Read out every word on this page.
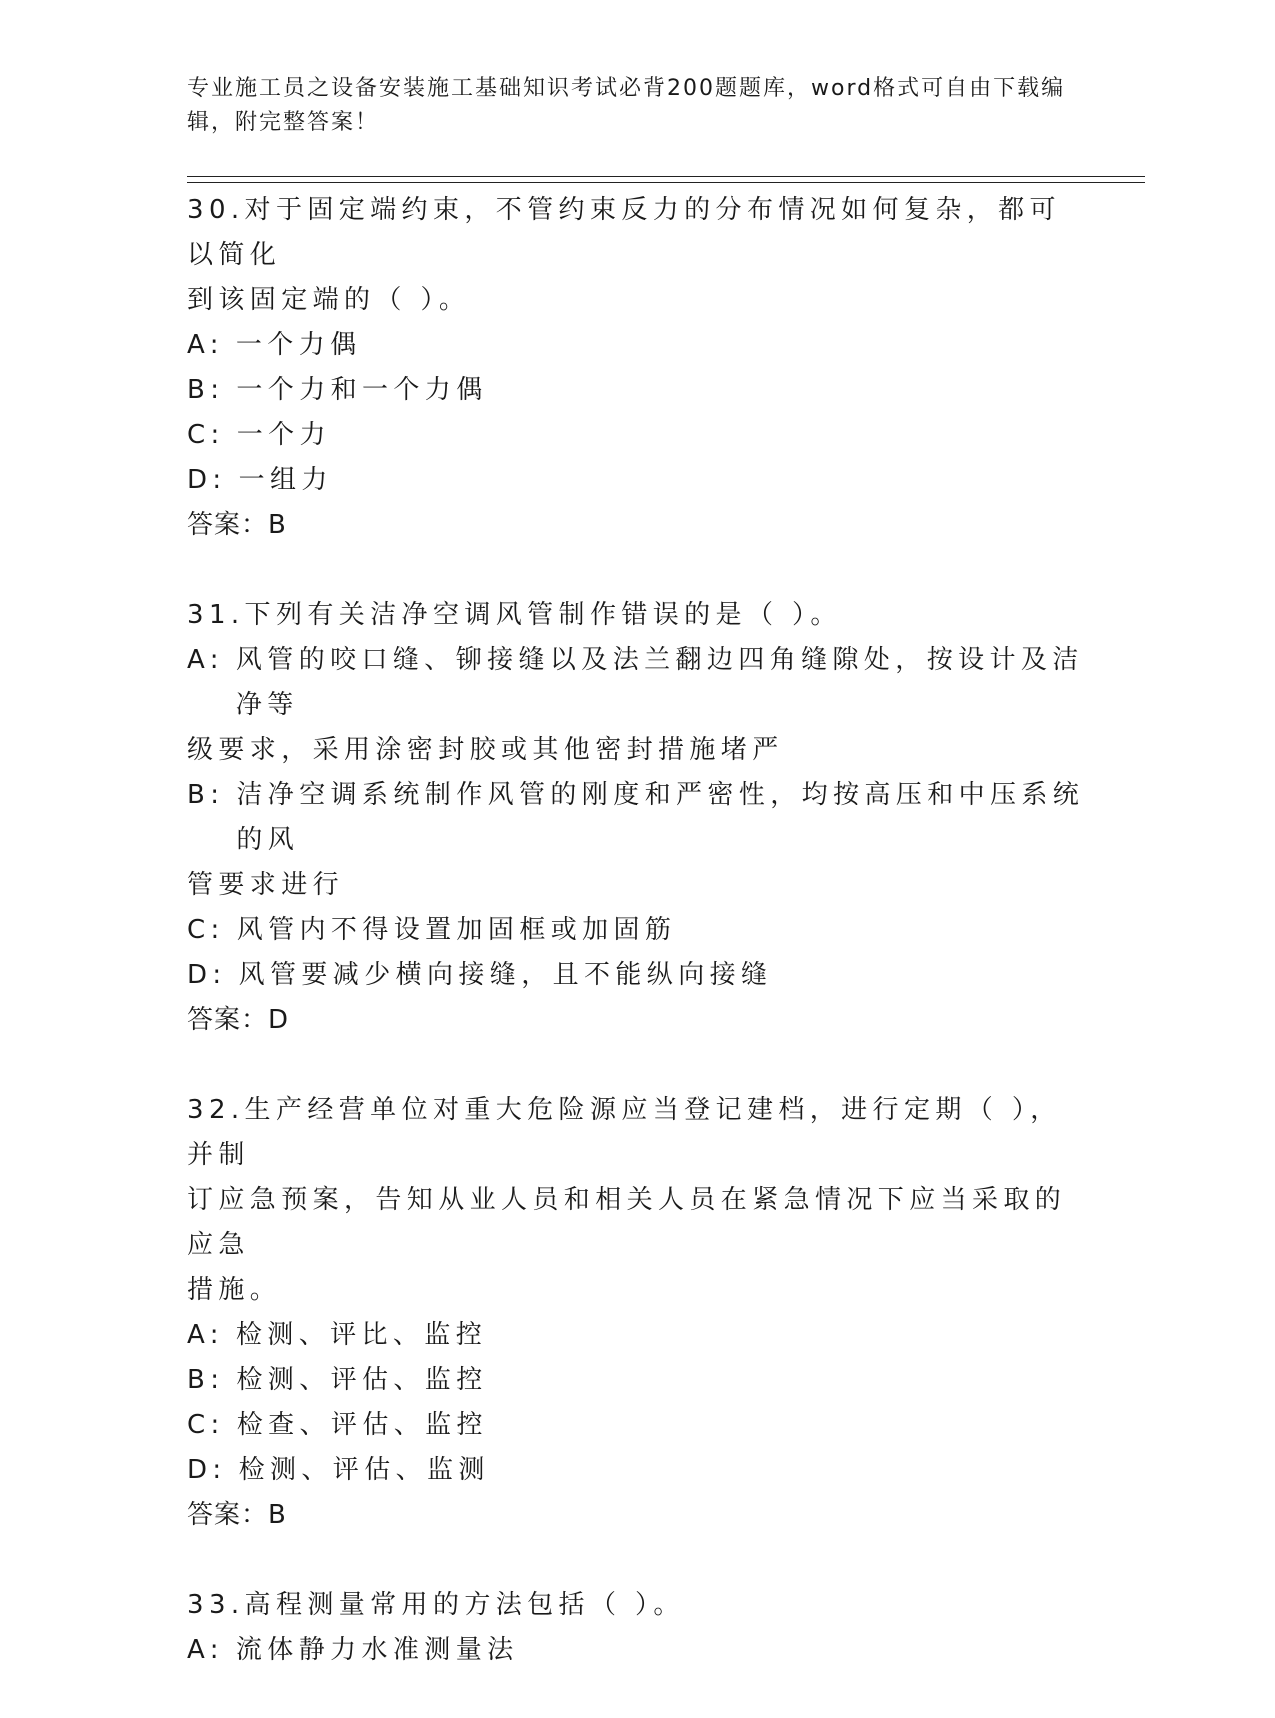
专业施工员之设备安装施工基础知识考试必背200题题库，word格式可自由下载编辑，附完整答案！
30.对于固定端约束，不管约束反力的分布情况如何复杂，都可以简化
到该固定端的（ ）。
A: 一个力偶
B: 一个力和一个力偶
C: 一个力
D: 一组力
答案：B
31.下列有关洁净空调风管制作错误的是（ ）。
A: 风管的咬口缝、铆接缝以及法兰翻边四角缝隙处，按设计及洁净等
级要求，采用涂密封胶或其他密封措施堵严
B: 洁净空调系统制作风管的刚度和严密性，均按高压和中压系统的风
管要求进行
C: 风管内不得设置加固框或加固筋
D: 风管要减少横向接缝，且不能纵向接缝
答案：D
32.生产经营单位对重大危险源应当登记建档，进行定期（ ），并制
订应急预案，告知从业人员和相关人员在紧急情况下应当采取的应急
措施。
A: 检测、评比、监控
B: 检测、评估、监控
C: 检查、评估、监控
D: 检测、评估、监测
答案：B
33.高程测量常用的方法包括（ ）。
A: 流体静力水准测量法
